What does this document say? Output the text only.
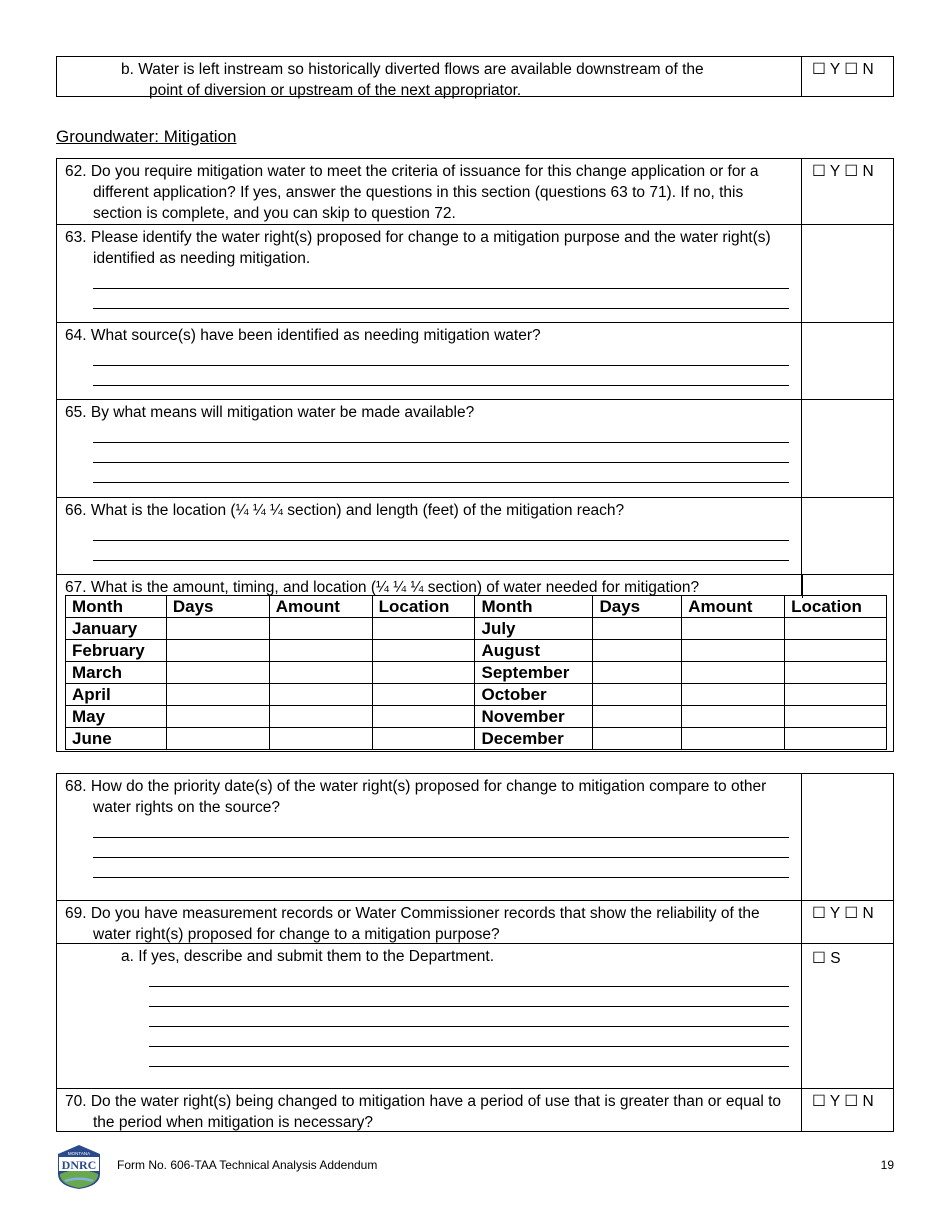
b. Water is left instream so historically diverted flows are available downstream of the
point of diversion or upstream of the next appropriator.
☐ Y ☐ N
Groundwater: Mitigation
62. Do you require mitigation water to meet the criteria of issuance for this change application or for a different application? If yes, answer the questions in this section (questions 63 to 71). If no, this section is complete, and you can skip to question 72.
☐ Y ☐ N
63. Please identify the water right(s) proposed for change to a mitigation purpose and the water right(s) identified as needing mitigation.
64. What source(s) have been identified as needing mitigation water?
65. By what means will mitigation water be made available?
66. What is the location (¼ ¼ ¼ section) and length (feet) of the mitigation reach?
67. What is the amount, timing, and location (¼ ¼ ¼ section) of water needed for mitigation?
Month	Days	Amount	Location	Month	Days	Amount	Location
January				July			
February				August			
March				September			
April				October			
May				November			
June				December			
68. How do the priority date(s) of the water right(s) proposed for change to mitigation compare to other water rights on the source?
69. Do you have measurement records or Water Commissioner records that show the reliability of the water right(s) proposed for change to a mitigation purpose?
☐ Y ☐ N
a. If yes, describe and submit them to the Department.	☐ S
70. Do the water right(s) being changed to mitigation have a period of use that is greater than or equal to the period when mitigation is necessary?
☐ Y ☐ N
MONTANA
DNRC Form No. 606-TAA Technical Analysis Addendum	19
